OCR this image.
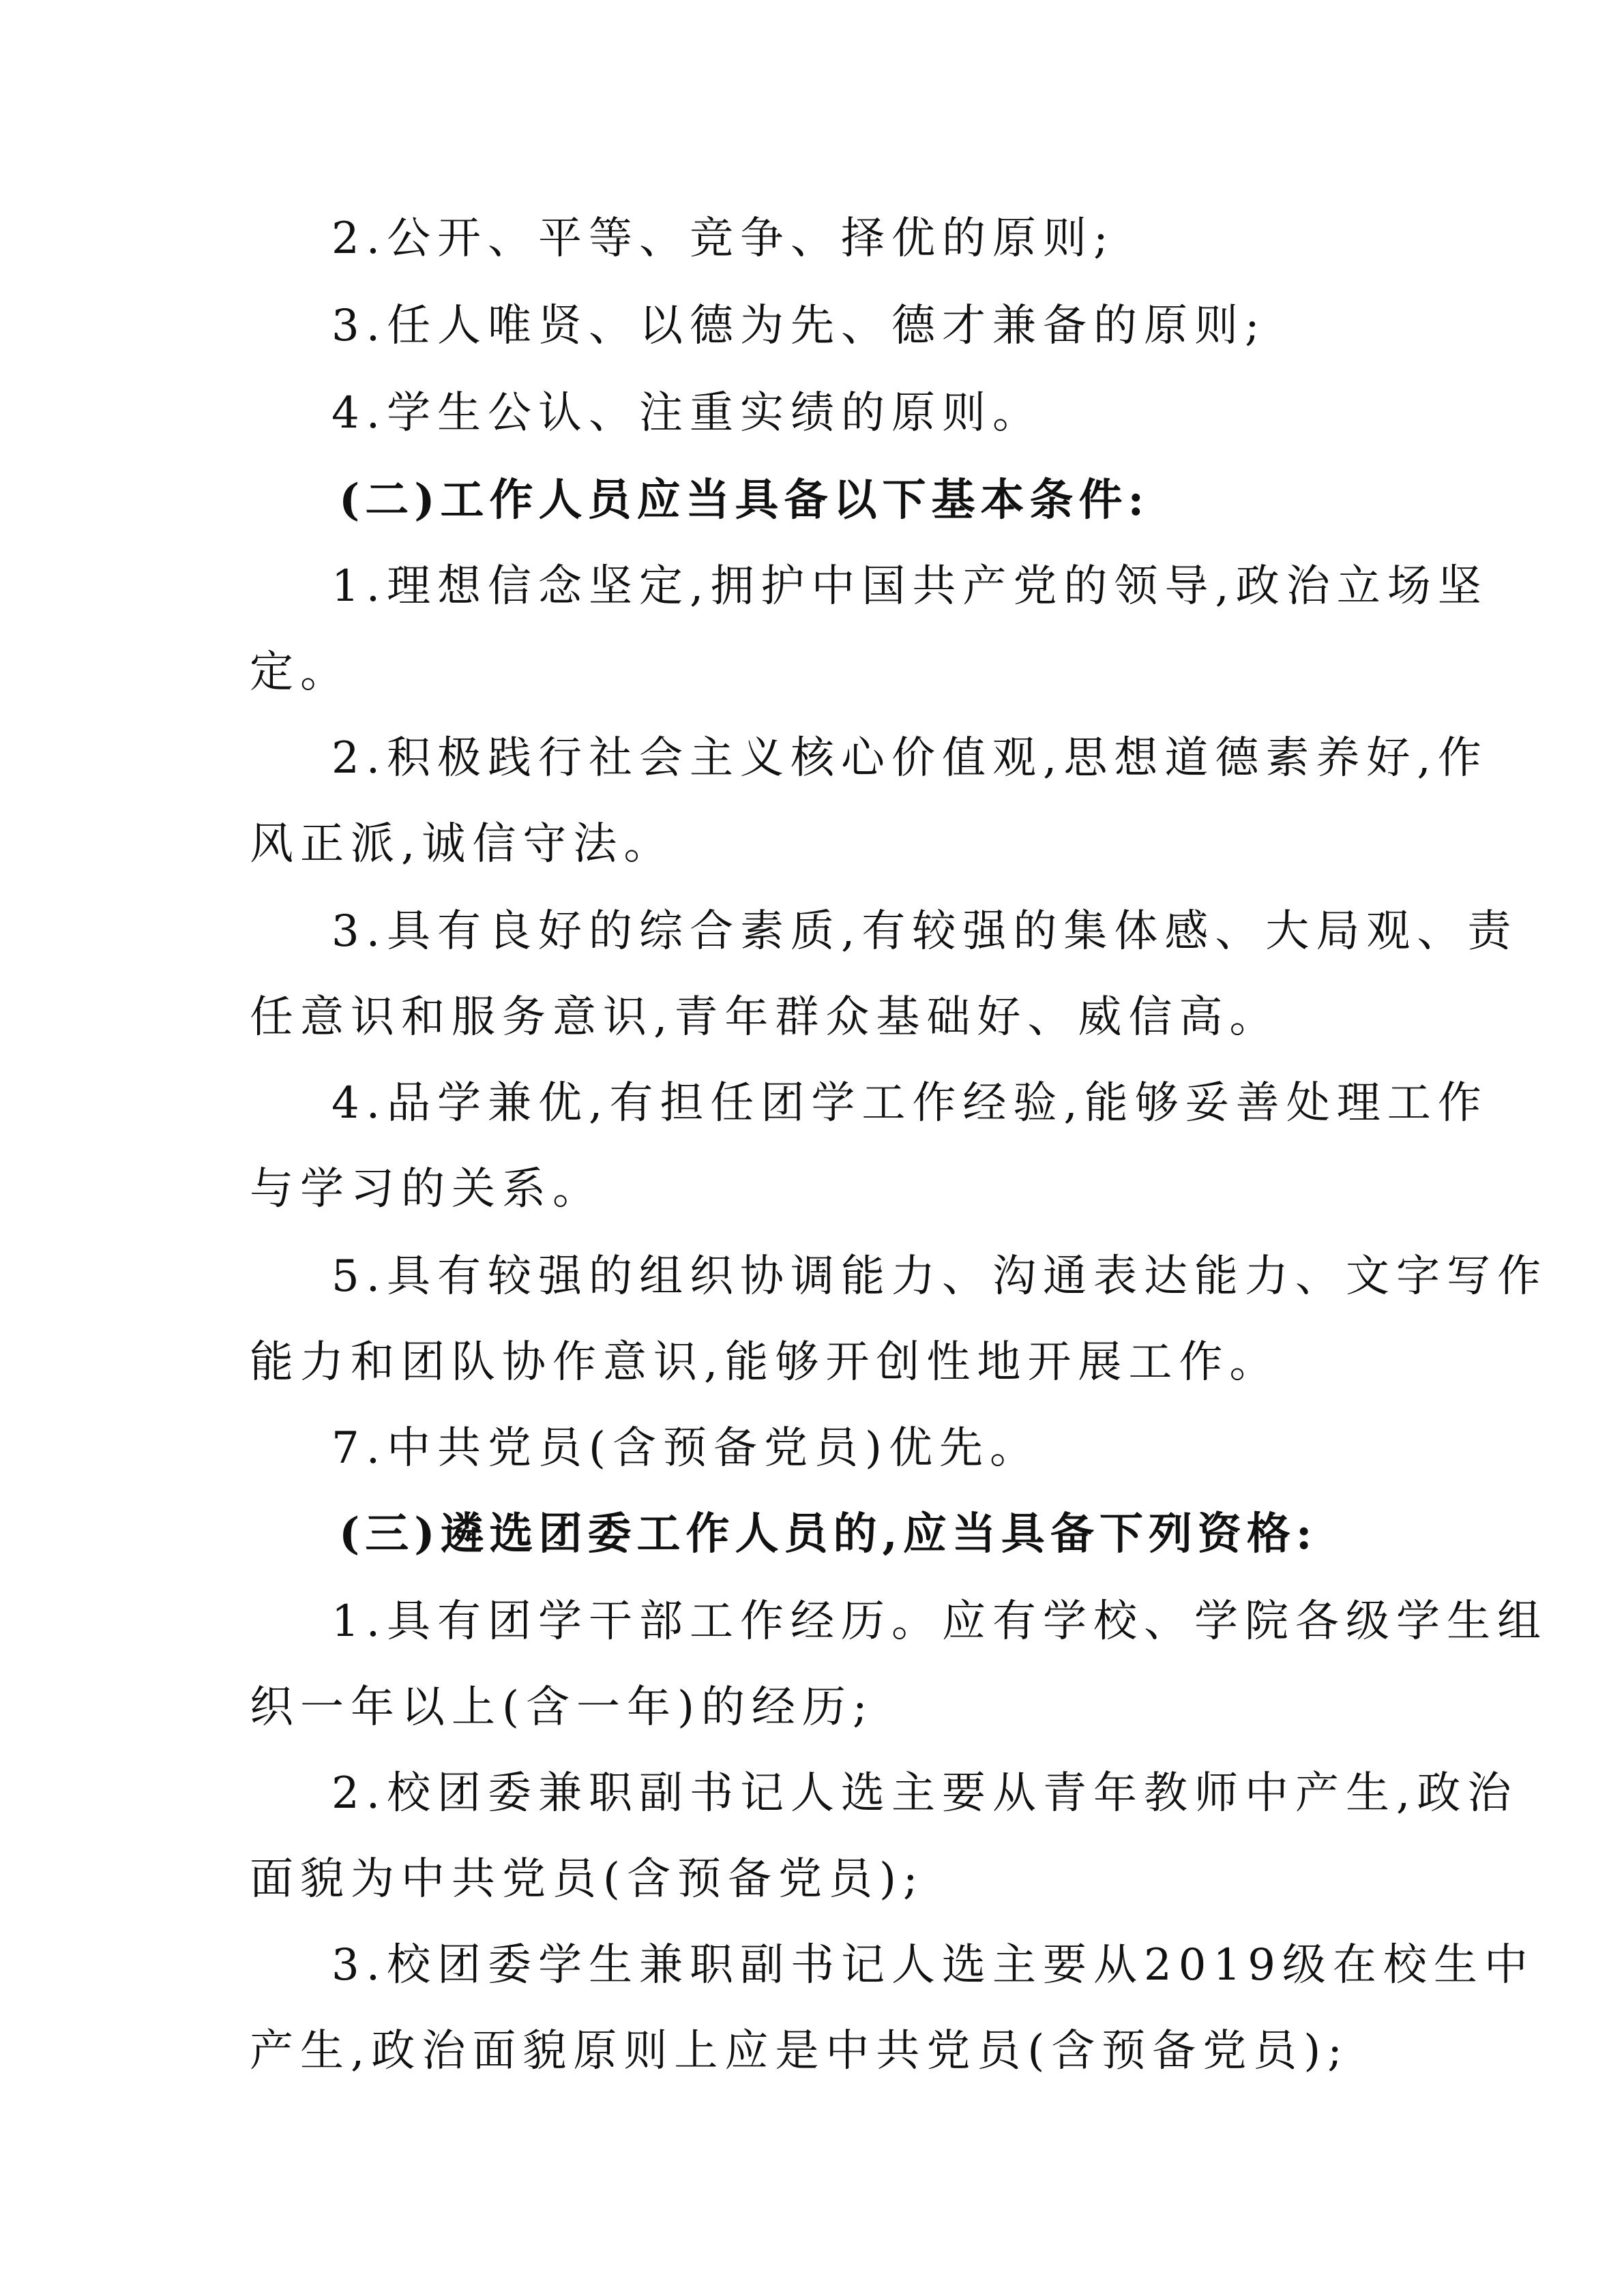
2.公开、平等、竞争、择优的原则;
3.任人唯贤、以德为先、德才兼备的原则;
4.学生公认、注重实绩的原则。
(二)工作人员应当具备以下基本条件:
1.理想信念坚定,拥护中国共产党的领导,政治立场坚
定。
2.积极践行社会主义核心价值观,思想道德素养好,作
风正派,诚信守法。
3.具有良好的综合素质,有较强的集体感、大局观、责
任意识和服务意识,青年群众基础好、威信高。
4.品学兼优,有担任团学工作经验,能够妥善处理工作
与学习的关系。
5.具有较强的组织协调能力、沟通表达能力、文字写作
能力和团队协作意识,能够开创性地开展工作。
7.中共党员(含预备党员)优先。
(三)遴选团委工作人员的,应当具备下列资格:
1.具有团学干部工作经历。应有学校、学院各级学生组
织一年以上(含一年)的经历;
2.校团委兼职副书记人选主要从青年教师中产生,政治
面貌为中共党员(含预备党员);
3.校团委学生兼职副书记人选主要从2019级在校生中
产生,政治面貌原则上应是中共党员(含预备党员);
